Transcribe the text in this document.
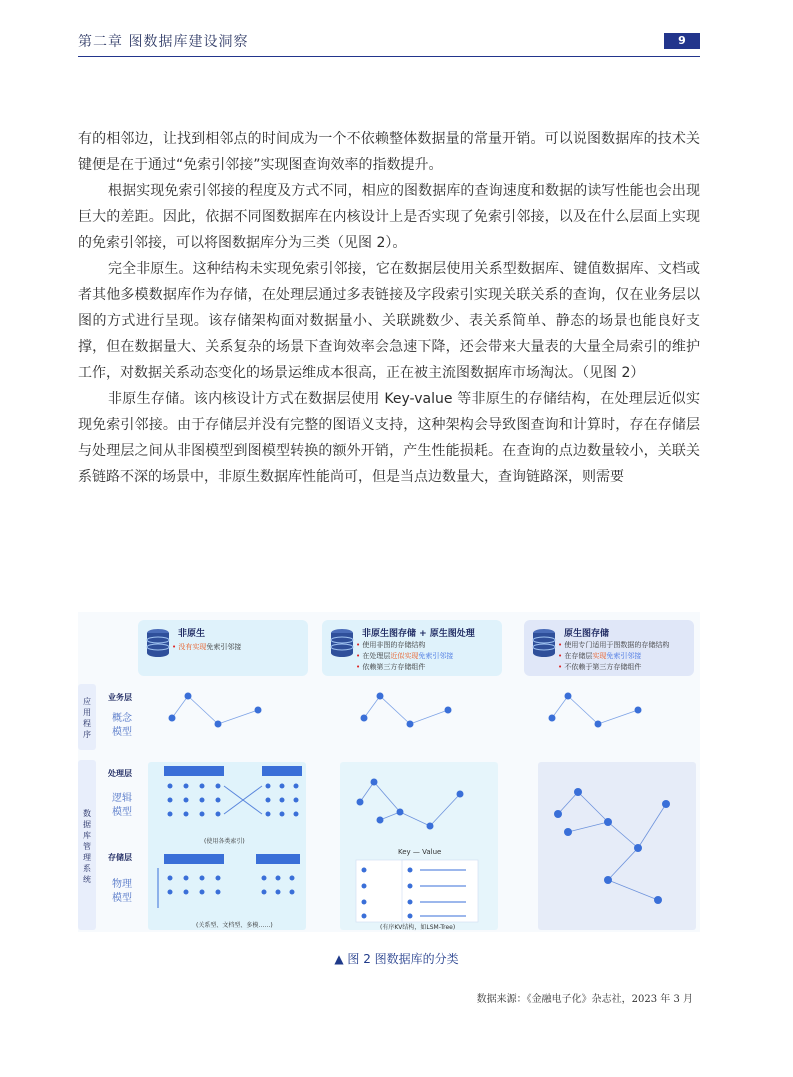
第二章 图数据库建设洞察	9

有的相邻边，让找到相邻点的时间成为一个不依赖整体数据量的常量开销。可以说图数据库的技术关键便是在于通过“免索引邻接”实现图查询效率的指数提升。

根据实现免索引邻接的程度及方式不同，相应的图数据库的查询速度和数据的读写性能也会出现巨大的差距。因此，依据不同图数据库在内核设计上是否实现了免索引邻接，以及在什么层面上实现的免索引邻接，可以将图数据库分为三类（见图 2）。

完全非原生。这种结构未实现免索引邻接，它在数据层使用关系型数据库、键值数据库、文档或者其他多模数据库作为存储，在处理层通过多表链接及字段索引实现关联关系的查询，仅在业务层以图的方式进行呈现。该存储架构面对数据量小、关联跳数少、表关系简单、静态的场景也能良好支撑，但在数据量大、关系复杂的场景下查询效率会急速下降，还会带来大量表的大量全局索引的维护工作，对数据关系动态变化的场景运维成本很高，正在被主流图数据库市场淘汰。（见图 2）

非原生存储。该内核设计方式在数据层使用 Key-value 等非原生的存储结构，在处理层近似实现免索引邻接。由于存储层并没有完整的图语义支持，这种架构会导致图查询和计算时，存在存储层与处理层之间从非图模型到图模型转换的额外开销，产生性能损耗。在查询的点边数量较小，关联关系链路不深的场景中，非原生数据库性能尚可，但是当点边数量大，查询链路深，则需要

非原生
• 没有实现免索引邻接
非原生图存储 + 原生图处理
• 使用非图的存储结构
• 在处理层近似实现免索引邻接
• 依赖第三方存储组件
原生图存储
• 使用专门适用于图数据的存储结构
• 在存储层实现免索引邻接
• 不依赖于第三方存储组件
应用程序
数据库管理系统
业务层
概念
模型
处理层
逻辑
模型
存储层
物理
模型
(使用各类索引)
(关系型、文档型、多模……)
Key — Value
(有序KV结构，如LSM-Tree)
▲ 图 2 图数据库的分类
数据来源：《金融电子化》杂志社，2023 年 3 月
